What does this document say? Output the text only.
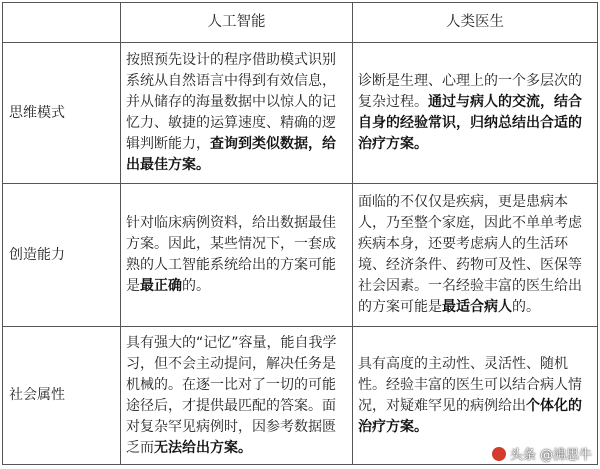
	人工智能	人类医生
思维模式	按照预先设计的程序借助模式识别系统从自然语言中得到有效信息，并从储存的海量数据中以惊人的记忆力、敏捷的运算速度、精确的逻辑判断能力，查询到类似数据，给出最佳方案。	诊断是生理、心理上的一个多层次的复杂过程。通过与病人的交流，结合自身的经验常识，归纳总结出合适的治疗方案。
创造能力	针对临床病例资料，给出数据最佳方案。因此，某些情况下，一套成熟的人工智能系统给出的方案可能是最正确的。	面临的不仅仅是疾病，更是患病本人，乃至整个家庭，因此不单单考虑疾病本身，还要考虑病人的生活环境、经济条件、药物可及性、医保等社会因素。一名经验丰富的医生给出的方案可能是最适合病人的。
社会属性	具有强大的“记忆”容量，能自我学习，但不会主动提问，解决任务是机械的。在逐一比对了一切的可能途径后，才提供最匹配的答案。面对复杂罕见病例时，因参考数据匮乏而无法给出方案。	具有高度的主动性、灵活性、随机性。经验丰富的医生可以结合病人情况，对疑难罕见的病例给出个体化的治疗方案。
头条 @沸思牛
